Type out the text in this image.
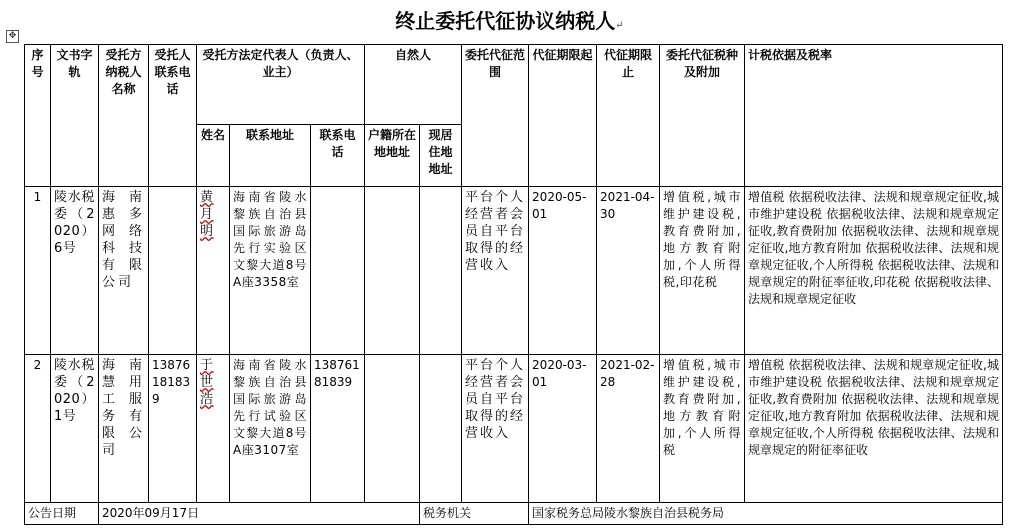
终止委托代征协议纳税人↵
✥
序号	文书字轨	受托方纳税人名称	受托人联系电话	受托方法定代表人（负责人、业主）			自然人		委托代征范围	代征期限起	代征期限止	委托代征税种及附加	计税依据及税率
				姓名	联系地址	联系电话	户籍所在地地址	现居住地地址					
1	陵水税委（2020）6号	海南惠多网络科技有限公司		黄月明	海南省陵水黎族自治县国际旅游岛先行实验区文黎大道8号A座3358室				平台个人经营者会员自平台取得的经营收入	2020-05-01	2021-04-30	增值税,城市维护建设税,教育费附加,地方教育附加,个人所得税,印花税	增值税 依据税收法律、法规和规章规定征收,城市维护建设税 依据税收法律、法规和规章规定征收,教育费附加 依据税收法律、法规和规章规定征收,地方教育附加 依据税收法律、法规和规章规定征收,个人所得税 依据税收法律、法规和规章规定的附征率征收,印花税 依据税收法律、法规和规章规定征收
2	陵水税委（2020）1号	海南慧用工服务有限公司	13876181839	于世浩	海南省陵水黎族自治县国际旅游岛先行试验区文黎大道8号A座3107室	13876181839			平台个人经营者会员自平台取得的经营收入	2020-03-01	2021-02-28	增值税,城市维护建设税,教育费附加,地方教育附加,个人所得税	增值税 依据税收法律、法规和规章规定征收,城市维护建设税 依据税收法律、法规和规章规定征收,教育费附加 依据税收法律、法规和规章规定征收,地方教育附加 依据税收法律、法规和规章规定征收,个人所得税 依据税收法律、法规和规章规定的附征率征收
公告日期		2020年09月17日						税务机关		国家税务总局陵水黎族自治县税务局			
